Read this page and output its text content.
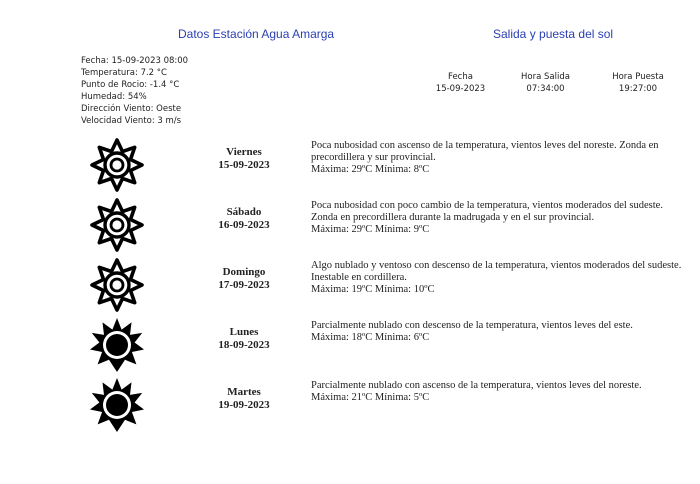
Datos Estación Agua Amarga	Salida y puesta del sol
Fecha: 15-09-2023 08:00
Temperatura: 7.2 °C
Punto de Rocio: -1.4 °C
Humedad: 54%
Dirección Viento: Oeste
Velocidad Viento: 3 m/s
Fecha	Hora Salida	Hora Puesta
15-09-2023	07:34:00	19:27:00
Viernes
15-09-2023
Poca nubosidad con ascenso de la temperatura, vientos leves del noreste. Zonda en precordillera y sur provincial.
Máxima: 29ºC Mínima: 8ºC
Sábado
16-09-2023
Poca nubosidad con poco cambio de la temperatura, vientos moderados del sudeste. Zonda en precordillera durante la madrugada y en el sur provincial.
Máxima: 29ºC Mínima: 9ºC
Domingo
17-09-2023
Algo nublado y ventoso con descenso de la temperatura, vientos moderados del sudeste. Inestable en cordillera.
Máxima: 19ºC Mínima: 10ºC
Lunes
18-09-2023
Parcialmente nublado con descenso de la temperatura, vientos leves del este.
Máxima: 18ºC Mínima: 6ºC
Martes
19-09-2023
Parcialmente nublado con ascenso de la temperatura, vientos leves del noreste.
Máxima: 21ºC Mínima: 5ºC
